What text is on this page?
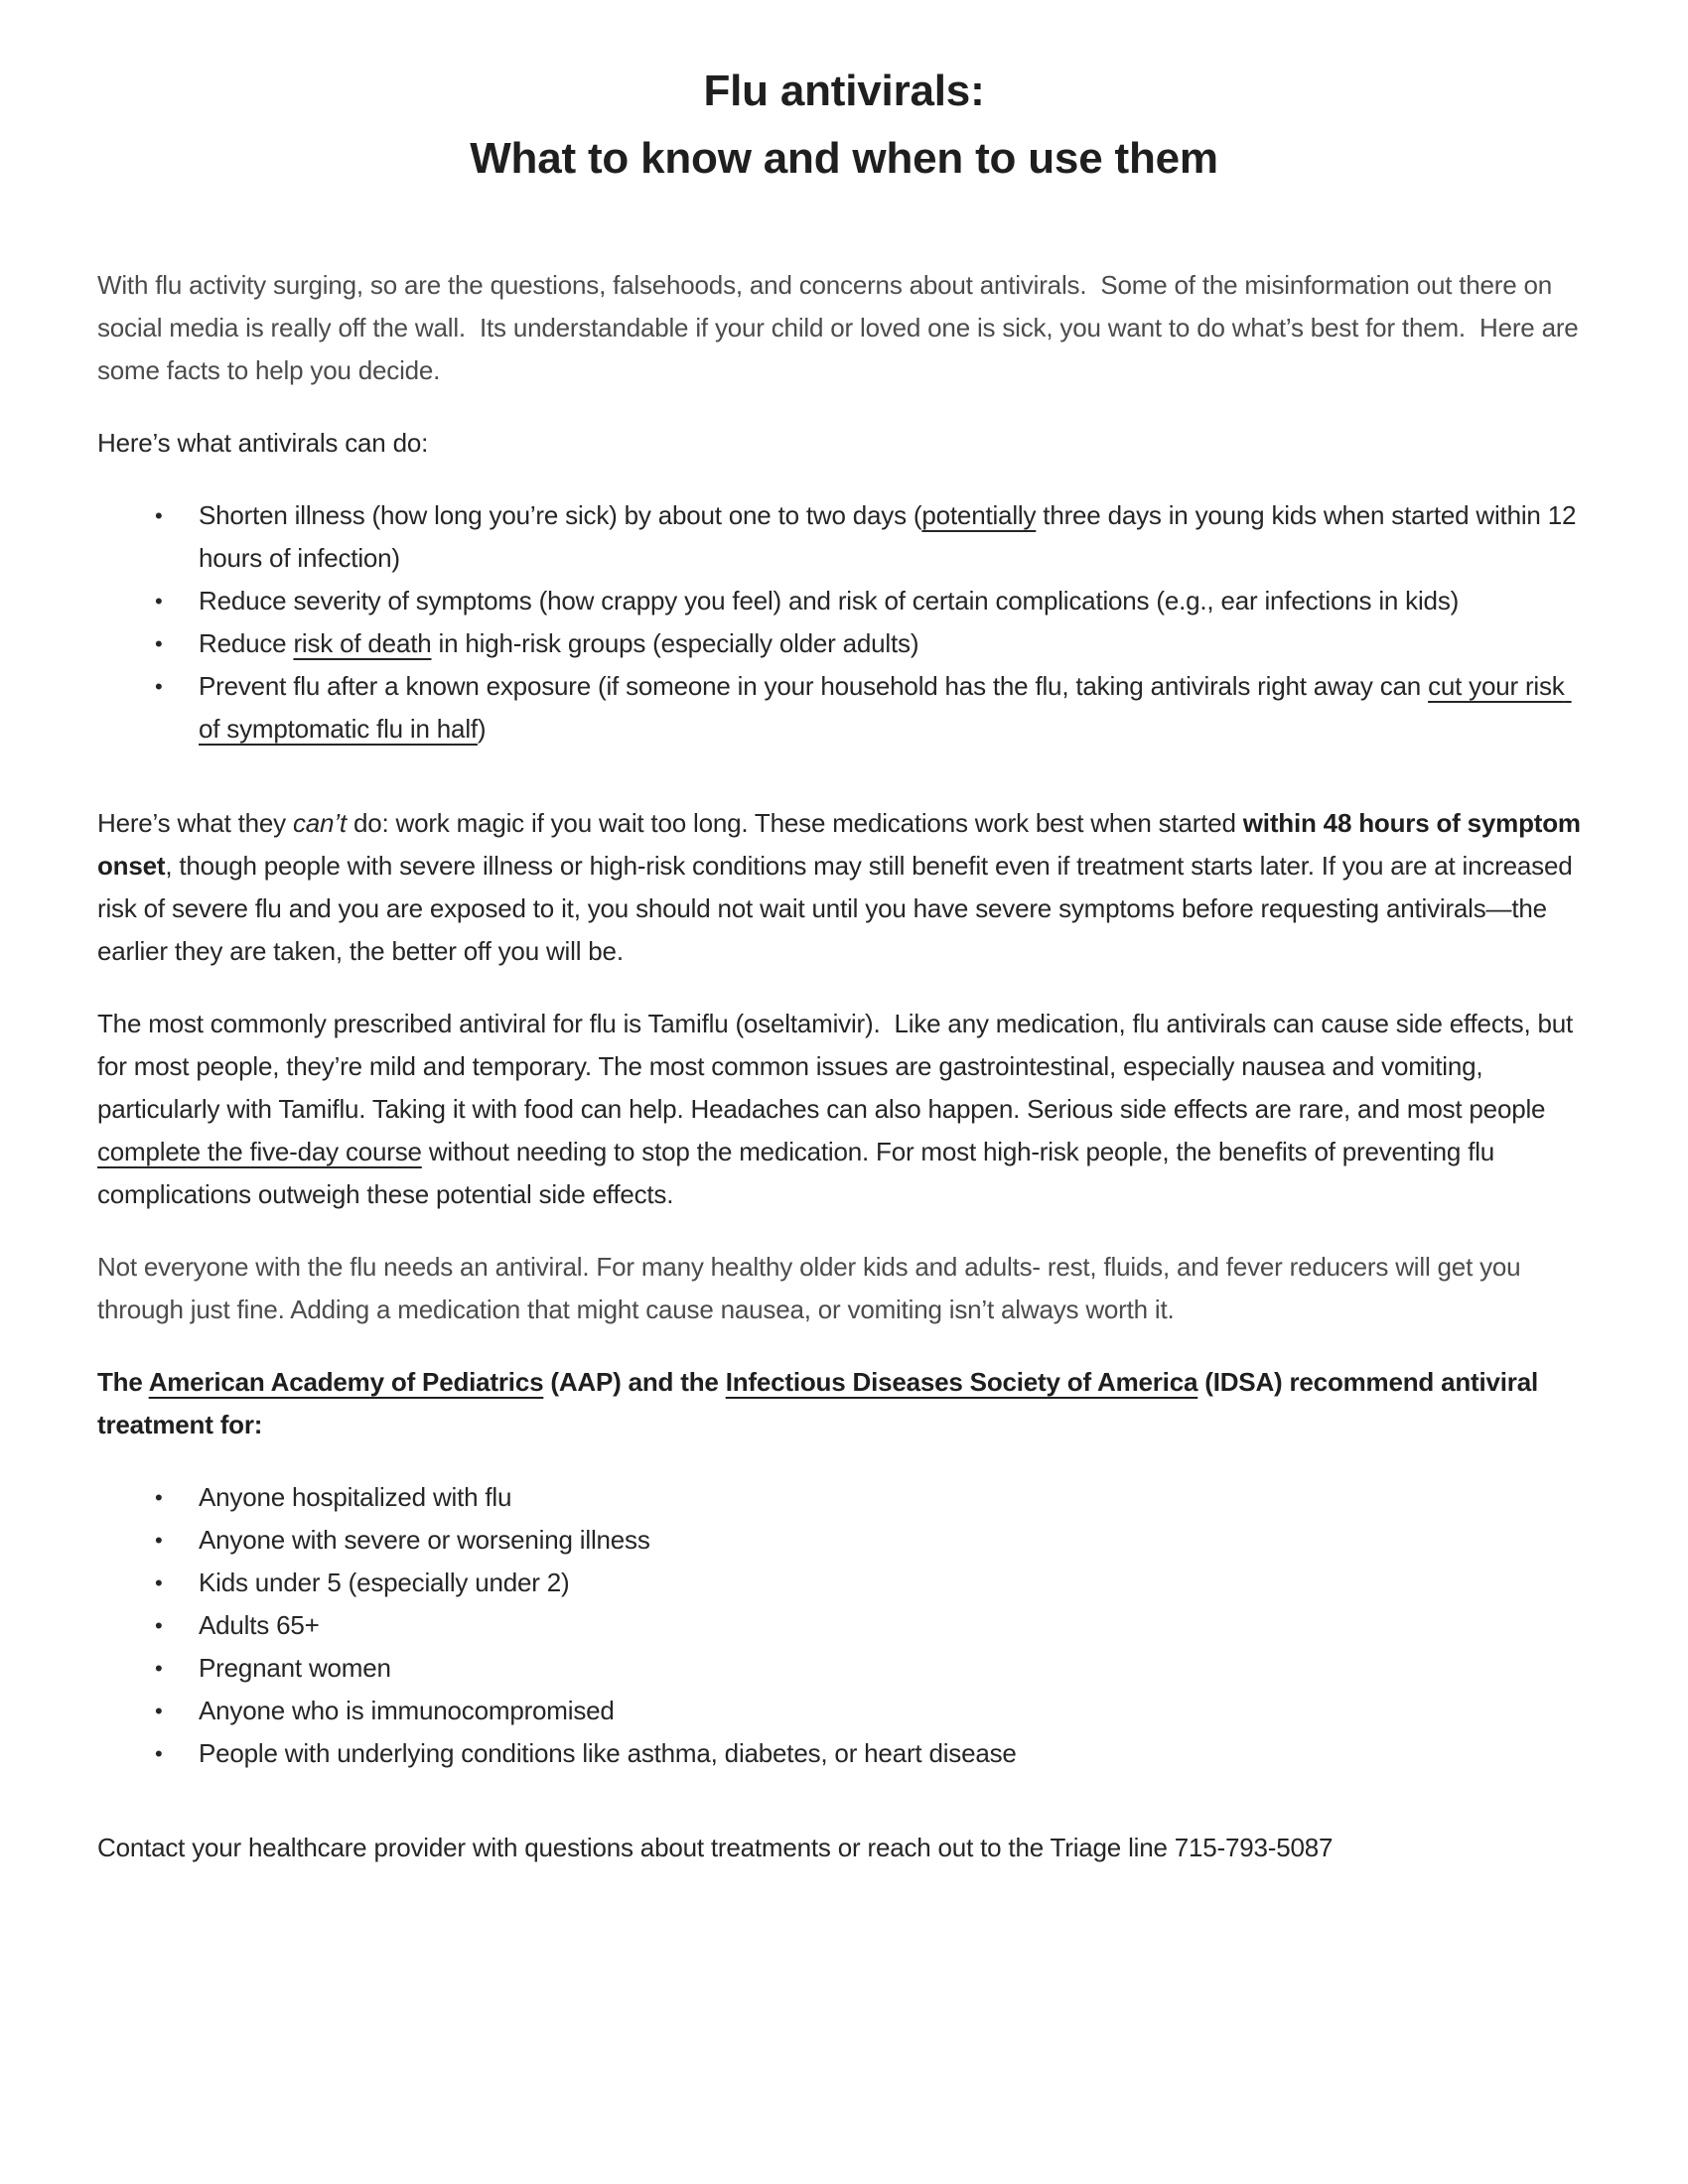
Flu antivirals:
What to know and when to use them

With flu activity surging, so are the questions, falsehoods, and concerns about antivirals.  Some of the misinformation out there on social media is really off the wall.  Its understandable if your child or loved one is sick, you want to do what’s best for them.  Here are some facts to help you decide.

Here’s what antivirals can do:

• Shorten illness (how long you’re sick) by about one to two days (potentially three days in young kids when started within 12 hours of infection)
• Reduce severity of symptoms (how crappy you feel) and risk of certain complications (e.g., ear infections in kids)
• Reduce risk of death in high-risk groups (especially older adults)
• Prevent flu after a known exposure (if someone in your household has the flu, taking antivirals right away can cut your risk of symptomatic flu in half)

Here’s what they can’t do: work magic if you wait too long. These medications work best when started within 48 hours of symptom onset, though people with severe illness or high-risk conditions may still benefit even if treatment starts later. If you are at increased risk of severe flu and you are exposed to it, you should not wait until you have severe symptoms before requesting antivirals—the earlier they are taken, the better off you will be.

The most commonly prescribed antiviral for flu is Tamiflu (oseltamivir).  Like any medication, flu antivirals can cause side effects, but for most people, they’re mild and temporary. The most common issues are gastrointestinal, especially nausea and vomiting, particularly with Tamiflu. Taking it with food can help. Headaches can also happen. Serious side effects are rare, and most people complete the five-day course without needing to stop the medication. For most high-risk people, the benefits of preventing flu complications outweigh these potential side effects.

Not everyone with the flu needs an antiviral. For many healthy older kids and adults- rest, fluids, and fever reducers will get you through just fine. Adding a medication that might cause nausea, or vomiting isn’t always worth it.

The American Academy of Pediatrics (AAP) and the Infectious Diseases Society of America (IDSA) recommend antiviral treatment for:

• Anyone hospitalized with flu
• Anyone with severe or worsening illness
• Kids under 5 (especially under 2)
• Adults 65+
• Pregnant women
• Anyone who is immunocompromised
• People with underlying conditions like asthma, diabetes, or heart disease

Contact your healthcare provider with questions about treatments or reach out to the Triage line 715-793-5087
